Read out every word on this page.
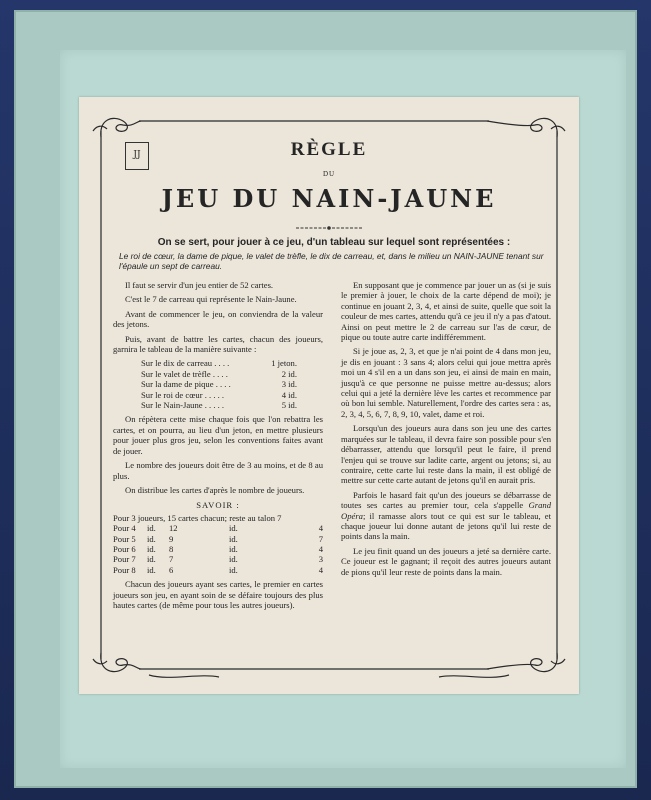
JJ	RÈGLE
DU
JEU DU NAIN-JAUNE
On se sert, pour jouer à ce jeu, d'un tableau sur lequel sont représentées :
Le roi de cœur, la dame de pique, le valet de trèfle, le dix de carreau, et, dans le milieu un NAIN-JAUNE tenant sur l'épaule un sept de carreau.

Il faut se servir d'un jeu entier de 52 cartes.

C'est le 7 de carreau qui représente le Nain-Jaune.

Avant de commencer le jeu, on conviendra de la valeur des jetons.

Puis, avant de battre les cartes, chacun des joueurs, garnira le tableau de la manière suivante :

Sur le dix de carreau . . . .	1 jeton.
Sur le valet de trèfle . . . .	2 id.
Sur la dame de pique . . . .	3 id.
Sur le roi de cœur . . . . .	4 id.
Sur le Nain-Jaune . . . . .	5 id.

On répètera cette mise chaque fois que l'on rebattra les cartes, et on pourra, au lieu d'un jeton, en mettre plusieurs pour jouer plus gros jeu, selon les conventions faites avant de jouer.

Le nombre des joueurs doit être de 3 au moins, et de 8 au plus.

On distribue les cartes d'après le nombre de joueurs.

SAVOIR :
Pour 3 joueurs, 15 cartes chacun; reste au talon 7
Pour 4	id.	12	id.	4
Pour 5	id.	9	id.	7
Pour 6	id.	8	id.	4
Pour 7	id.	7	id.	3
Pour 8	id.	6	id.	4

Chacun des joueurs ayant ses cartes, le premier en cartes joueurs son jeu, en ayant soin de se défaire toujours des plus hautes cartes (de même pour tous les autres joueurs).

En supposant que je commence par jouer un as (si je suis le premier à jouer, le choix de la carte dépend de moi); je continue en jouant 2, 3, 4, et ainsi de suite, quelle que soit la couleur de mes cartes, attendu qu'à ce jeu il n'y a pas d'atout. Ainsi on peut mettre le 2 de carreau sur l'as de cœur, de pique ou toute autre carte indifféremment.

Si je joue as, 2, 3, et que je n'ai point de 4 dans mon jeu, je dis en jouant : 3 sans 4; alors celui qui joue mettra après moi un 4 s'il en a un dans son jeu, ei ainsi de main en main, jusqu'à ce que personne ne puisse mettre au-dessus; alors celui qui a jeté la dernière lève les cartes et recommence par où bon lui semble. Naturellement, l'ordre des cartes sera : as, 2, 3, 4, 5, 6, 7, 8, 9, 10, valet, dame et roi.

Lorsqu'un des joueurs aura dans son jeu une des cartes marquées sur le tableau, il devra faire son possible pour s'en débarrasser, attendu que lorsqu'il peut le faire, il prend l'enjeu qui se trouve sur ladite carte, argent ou jetons; si, au contraire, cette carte lui reste dans la main, il est obligé de mettre sur cette carte autant de jetons qu'il en aurait pris.

Parfois le hasard fait qu'un des joueurs se débarrasse de toutes ses cartes au premier tour, cela s'appelle Grand Opéra; il ramasse alors tout ce qui est sur le tableau, et chaque joueur lui donne autant de jetons qu'il lui reste de points dans la main.

Le jeu finit quand un des joueurs a jeté sa dernière carte. Ce joueur est le gagnant; il reçoit des autres joueurs autant de pions qu'il leur reste de points dans la main.
